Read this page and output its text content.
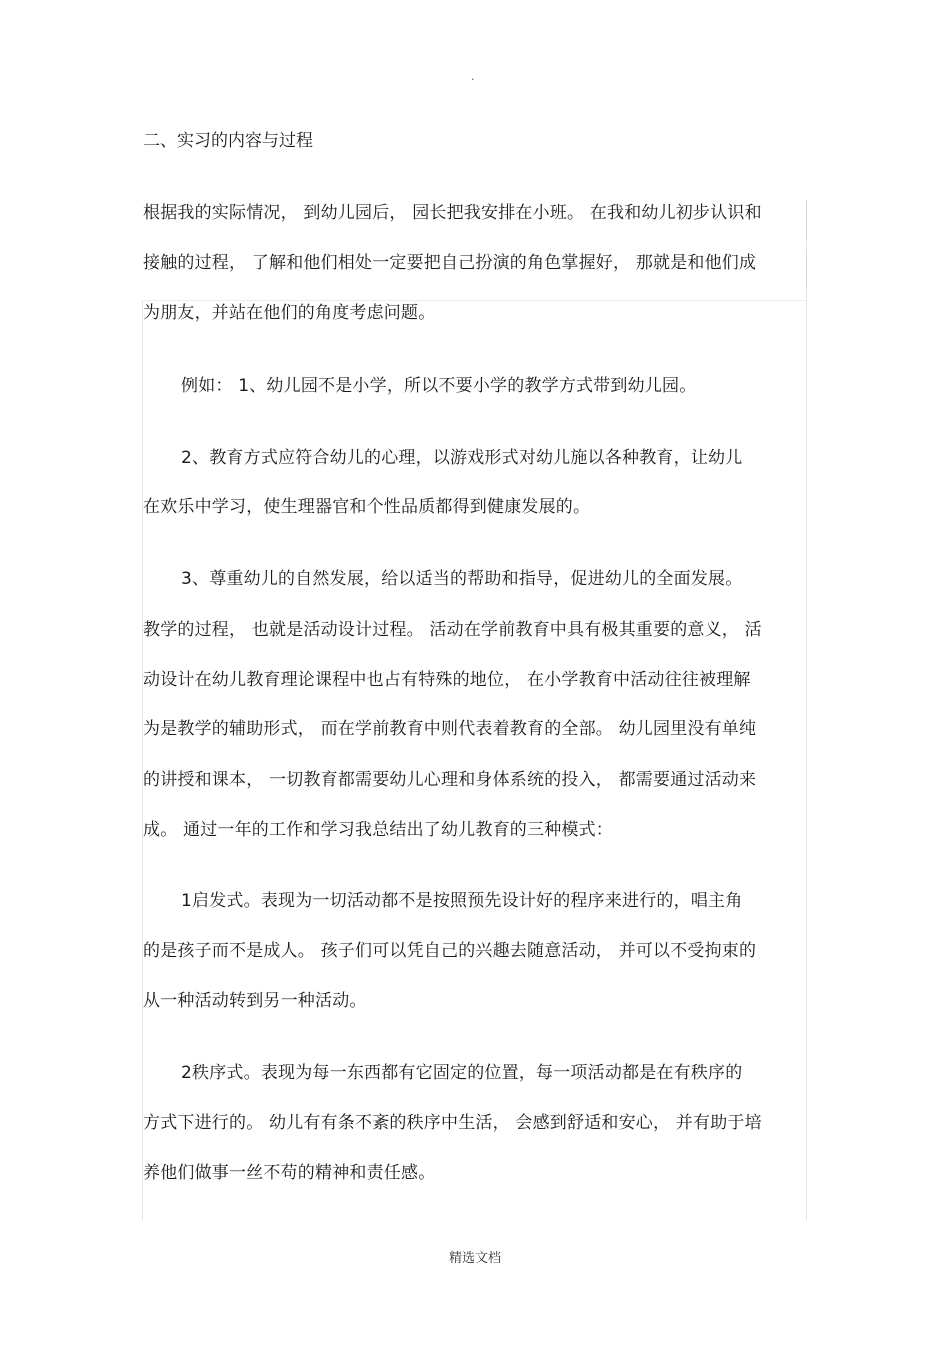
.
二、实习的内容与过程
根据我的实际情况， 到幼儿园后， 园长把我安排在小班。 在我和幼儿初步认识和
接触的过程， 了解和他们相处一定要把自己扮演的角色掌握好， 那就是和他们成
为朋友，并站在他们的角度考虑问题。
例如： 1、幼儿园不是小学，所以不要小学的教学方式带到幼儿园。
2、教育方式应符合幼儿的心理，以游戏形式对幼儿施以各种教育，让幼儿
在欢乐中学习，使生理器官和个性品质都得到健康发展的。
3、尊重幼儿的自然发展，给以适当的帮助和指导，促进幼儿的全面发展。
教学的过程， 也就是活动设计过程。 活动在学前教育中具有极其重要的意义， 活
动设计在幼儿教育理论课程中也占有特殊的地位， 在小学教育中活动往往被理解
为是教学的辅助形式， 而在学前教育中则代表着教育的全部。 幼儿园里没有单纯
的讲授和课本， 一切教育都需要幼儿心理和身体系统的投入， 都需要通过活动来
成。 通过一年的工作和学习我总结出了幼儿教育的三种模式：
1启发式。表现为一切活动都不是按照预先设计好的程序来进行的，唱主角
的是孩子而不是成人。 孩子们可以凭自己的兴趣去随意活动， 并可以不受拘束的
从一种活动转到另一种活动。
2秩序式。表现为每一东西都有它固定的位置，每一项活动都是在有秩序的
方式下进行的。 幼儿有有条不紊的秩序中生活， 会感到舒适和安心， 并有助于培
养他们做事一丝不苟的精神和责任感。
精选文档
